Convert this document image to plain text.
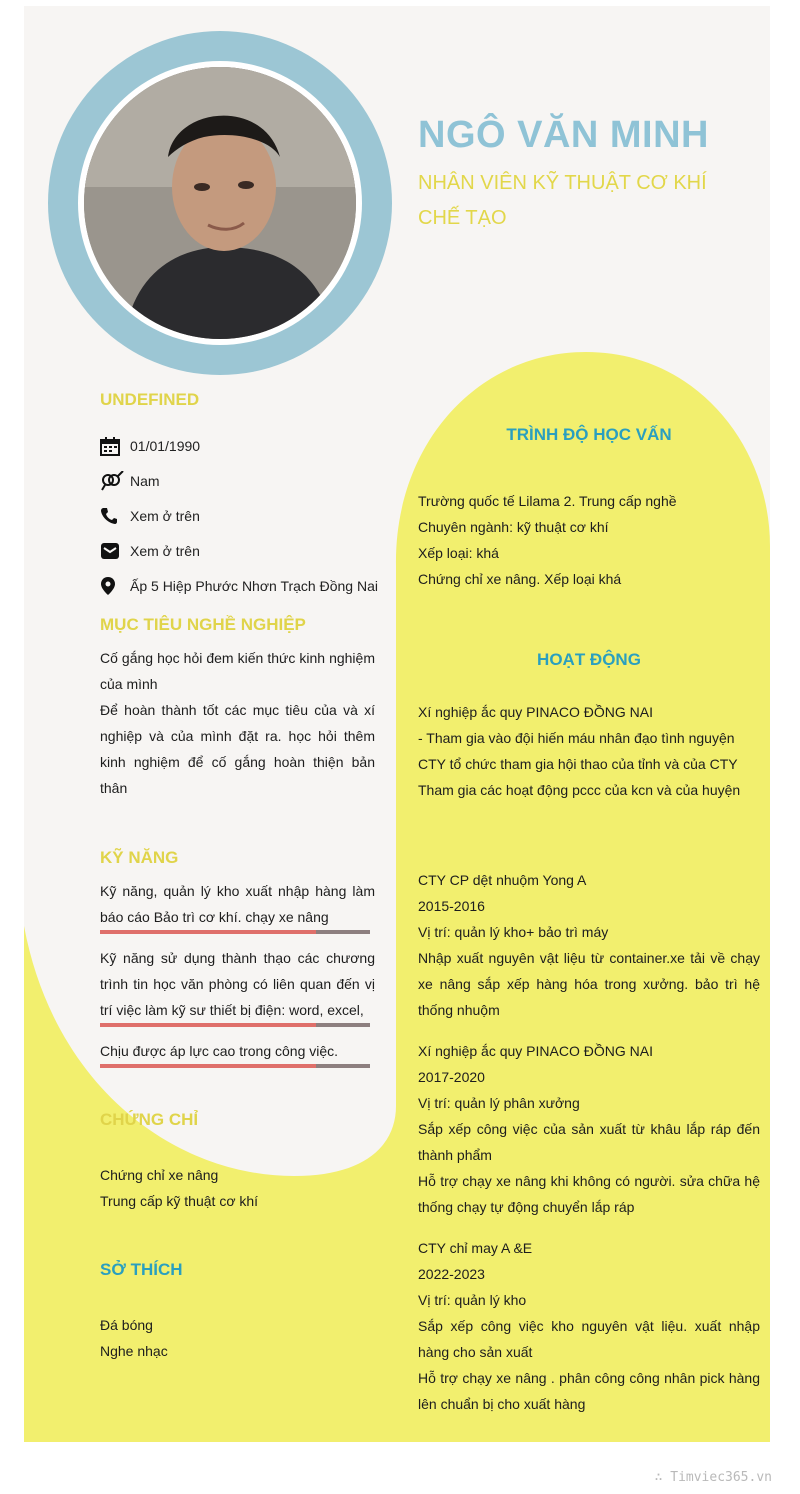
NGÔ VĂN MINH
NHÂN VIÊN KỸ THUẬT CƠ KHÍ CHẾ TẠO
UNDEFINED
01/01/1990
Nam
Xem ở trên
Xem ở trên
Ấp 5 Hiệp Phước Nhơn Trạch Đồng Nai
MỤC TIÊU NGHỀ NGHIỆP
Cố gắng học hỏi đem kiến thức kinh nghiệm của mình
Để hoàn thành tốt các mục tiêu của và xí nghiệp và của mình đặt ra. học hỏi thêm kinh nghiệm để cố gắng hoàn thiện bản thân
KỸ NĂNG
Kỹ năng, quản lý kho xuất nhập hàng làm báo cáo Bảo trì cơ khí. chạy xe nâng
Kỹ năng sử dụng thành thạo các chương trình tin học văn phòng có liên quan đến vị trí việc làm kỹ sư thiết bị điện: word, excel,
Chịu được áp lực cao trong công việc.
CHỨNG CHỈ
Chứng chỉ xe nâng
Trung cấp kỹ thuật cơ khí
SỞ THÍCH
Đá bóng
Nghe nhạc
TRÌNH ĐỘ HỌC VẤN
Trường quốc tế Lilama 2. Trung cấp nghề
Chuyên ngành: kỹ thuật cơ khí
Xếp loại: khá
Chứng chỉ xe nâng. Xếp loại khá
HOẠT ĐỘNG
Xí nghiệp ắc quy PINACO ĐỒNG NAI
- Tham gia vào đội hiến máu nhân đạo tình nguyện
CTY tổ chức tham gia hội thao của tỉnh và của CTY
Tham gia các hoạt động pccc của kcn và của huyện
CTY CP dệt nhuộm Yong A
2015-2016
Vị trí: quản lý kho+ bảo trì máy
Nhập xuất nguyên vật liệu từ container.xe tải về chạy xe nâng sắp xếp hàng hóa trong xưởng. bảo trì hệ thống nhuộm
Xí nghiệp ắc quy PINACO ĐỒNG NAI
2017-2020
Vị trí: quản lý phân xưởng
Sắp xếp công việc của sản xuất từ khâu lắp ráp đến thành phẩm
Hỗ trợ chạy xe nâng khi không có người. sửa chữa hệ thống chạy tự động chuyển lắp ráp
CTY chỉ may A &E
2022-2023
Vị trí: quản lý kho
Sắp xếp công việc kho nguyên vật liệu. xuất nhập hàng cho sản xuất
Hỗ trợ chạy xe nâng . phân công công nhân pick hàng lên chuẩn bị cho xuất hàng
∴ Timviec365.vn
